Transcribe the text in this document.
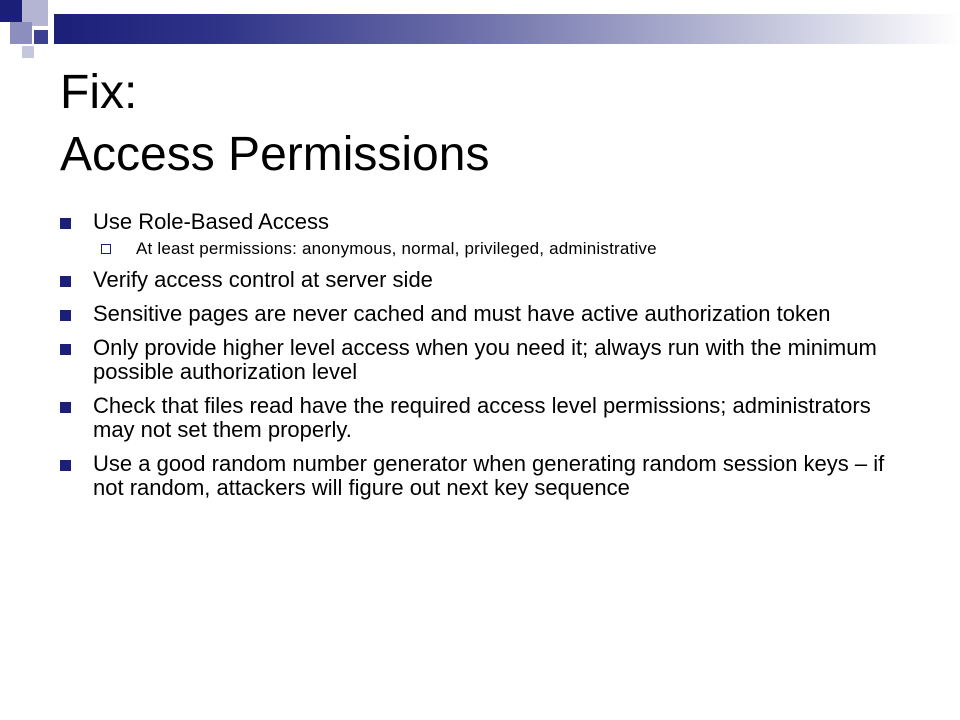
Fix:
Access Permissions
Use Role-Based Access
At least permissions: anonymous, normal, privileged, administrative
Verify access control at server side
Sensitive pages are never cached and must have active authorization token
Only provide higher level access when you need it; always run with the minimum possible authorization level
Check that files read have the required access level permissions; administrators may not set them properly.
Use a good random number generator when generating random session keys – if not random, attackers will figure out next key sequence
